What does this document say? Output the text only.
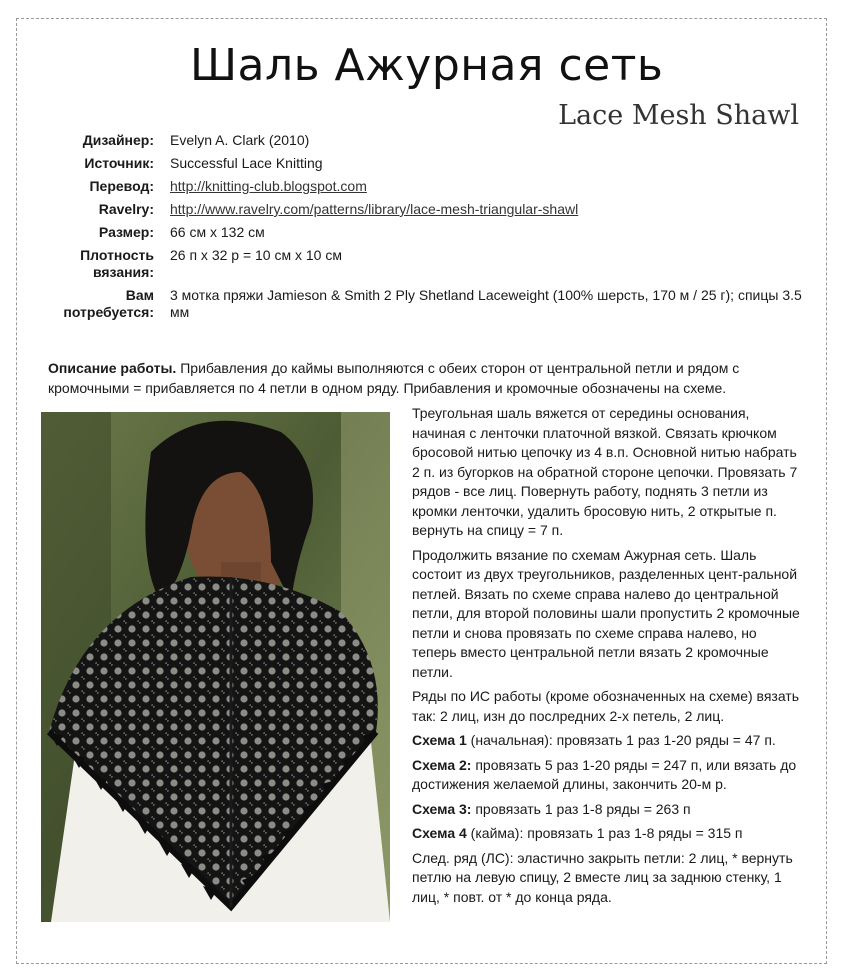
Шаль Ажурная сеть
Lace Mesh Shawl
Дизайнер:	Evelyn A. Clark (2010)
Источник:	Successful Lace Knitting
Перевод:	http://knitting-club.blogspot.com
Ravelry:	http://www.ravelry.com/patterns/library/lace-mesh-triangular-shawl
Размер:	66 см x 132 см
Плотность вязания:
26 п х 32 р = 10 см х 10 см
Вам потребуется:
3 мотка пряжи Jamieson & Smith 2 Ply Shetland Laceweight (100% шерсть, 170 м / 25 г); спицы 3.5 мм
Описание работы. Прибавления до каймы выполняются с обеих сторон от центральной петли и рядом с кромочными = прибавляется по 4 петли в одном ряду. Прибавления и кромочные обозначены на схеме.

Треугольная шаль вяжется от середины основания, начиная с ленточки платочной вязкой. Связать крючком бросовой нитью цепочку из 4 в.п. Основной нитью набрать 2 п. из бугорков на обратной стороне цепочки. Провязать 7 рядов - все лиц. Повернуть работу, поднять 3 петли из кромки ленточки, удалить бросовую нить, 2 открытые п. вернуть на спицу = 7 п.

Продолжить вязание по схемам Ажурная сеть. Шаль состоит из двух треугольников, разделенных цент-ральной петлей. Вязать по схеме справа налево до центральной петли, для второй половины шали пропустить 2 кромочные петли и снова провязать по схеме справа налево, но теперь вместо центральной петли вязать 2 кромочные петли.

Ряды по ИС работы (кроме обозначенных на схеме) вязать так: 2 лиц, изн до послредних 2-х петель, 2 лиц.

Схема 1 (начальная): провязать 1 раз 1-20 ряды = 47 п.
Схема 2: провязать 5 раз 1-20 ряды = 247 п, или вязать до достижения желаемой длины, закончить 20-м р.
Схема 3: провязать 1 раз 1-8 ряды = 263 п
Схема 4 (кайма): провязать 1 раз 1-8 ряды = 315 п

След. ряд (ЛС): эластично закрыть петли: 2 лиц, * вернуть петлю на левую спицу, 2 вместе лиц за заднюю стенку, 1 лиц, * повт. от * до конца ряда.
